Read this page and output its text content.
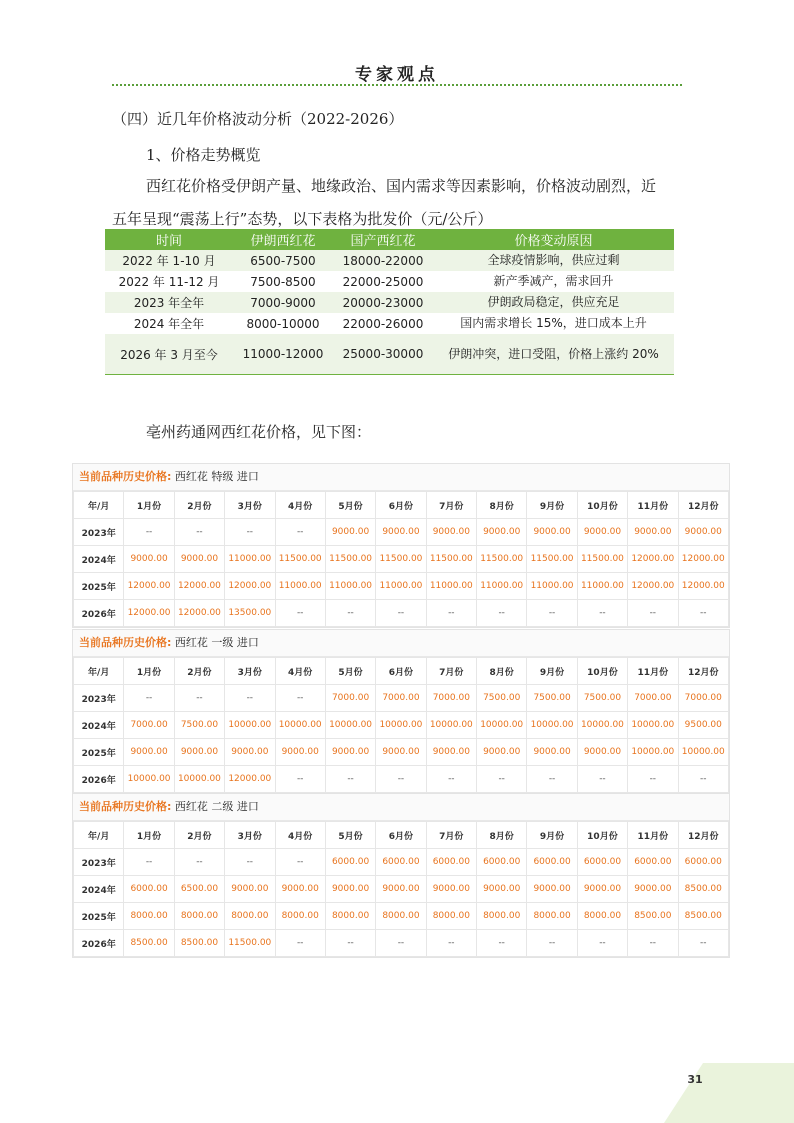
专家观点
（四）近几年价格波动分析（2022-2026）
1、价格走势概览
西红花价格受伊朗产量、地缘政治、国内需求等因素影响，价格波动剧烈，近
五年呈现“震荡上行”态势，以下表格为批发价（元/公斤）
时间	伊朗西红花	国产西红花	价格变动原因
2022 年 1-10 月	6500-7500	18000-22000	全球疫情影响，供应过剩
2022 年 11-12 月	7500-8500	22000-25000	新产季减产，需求回升
2023 年全年	7000-9000	20000-23000	伊朗政局稳定，供应充足
2024 年全年	8000-10000	22000-26000	国内需求增长 15%，进口成本上升
2026 年 3 月至今	11000-12000	25000-30000	伊朗冲突，进口受阻，价格上涨约 20%
亳州药通网西红花价格，见下图：
当前品种历史价格: 西红花 特级 进口
年/月	1月份	2月份	3月份	4月份	5月份	6月份	7月份	8月份	9月份	10月份	11月份	12月份
2023年	--	--	--	--	9000.00	9000.00	9000.00	9000.00	9000.00	9000.00	9000.00	9000.00
2024年	9000.00	9000.00	11000.00	11500.00	11500.00	11500.00	11500.00	11500.00	11500.00	11500.00	12000.00	12000.00
2025年	12000.00	12000.00	12000.00	11000.00	11000.00	11000.00	11000.00	11000.00	11000.00	11000.00	12000.00	12000.00
2026年	12000.00	12000.00	13500.00	--	--	--	--	--	--	--	--	--
当前品种历史价格: 西红花 一级 进口
年/月	1月份	2月份	3月份	4月份	5月份	6月份	7月份	8月份	9月份	10月份	11月份	12月份
2023年	--	--	--	--	7000.00	7000.00	7000.00	7500.00	7500.00	7500.00	7000.00	7000.00
2024年	7000.00	7500.00	10000.00	10000.00	10000.00	10000.00	10000.00	10000.00	10000.00	10000.00	10000.00	9500.00
2025年	9000.00	9000.00	9000.00	9000.00	9000.00	9000.00	9000.00	9000.00	9000.00	9000.00	10000.00	10000.00
2026年	10000.00	10000.00	12000.00	--	--	--	--	--	--	--	--	--
当前品种历史价格: 西红花 二级 进口
年/月	1月份	2月份	3月份	4月份	5月份	6月份	7月份	8月份	9月份	10月份	11月份	12月份
2023年	--	--	--	--	6000.00	6000.00	6000.00	6000.00	6000.00	6000.00	6000.00	6000.00
2024年	6000.00	6500.00	9000.00	9000.00	9000.00	9000.00	9000.00	9000.00	9000.00	9000.00	9000.00	8500.00
2025年	8000.00	8000.00	8000.00	8000.00	8000.00	8000.00	8000.00	8000.00	8000.00	8000.00	8500.00	8500.00
2026年	8500.00	8500.00	11500.00	--	--	--	--	--	--	--	--	--
31
